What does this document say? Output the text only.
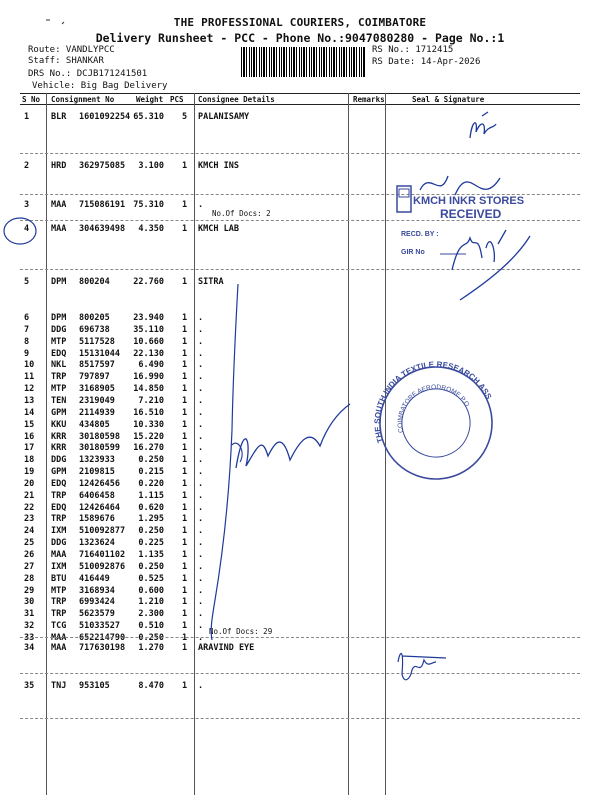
THE PROFESSIONAL COURIERS, COIMBATORE
Delivery Runsheet - PCC - Phone No.:9047080280 - Page No.:1
Route: VANDLYPCC
Staff: SHANKAR
DRS No.: DCJB171241501
Vehicle: Big Bag Delivery
RS No.: 1712415
RS Date: 14-Apr-2026
S No Consignment No	Weight PCS Consignee Details	Remarks	Seal & Signature
1	BLR 1601092254 65.310 5 PALANISAMY
2	HRD 362975085	3.100 1 KMCH INS
3	MAA 715086191 75.310 1 .
4	MAA 304639498	4.350 1 KMCH LAB
5	DPM 800204	22.760 1 SITRA
6	DPM 800205	23.940 1 .
7	DDG 696738	35.110 1 .
8	MTP 5117528 10.660 1 .
9	EDQ 15131044 22.130 1 .
10 NKL 8517597	6.490 1 .
11 TRP 797897	16.990 1 .
12 MTP 3168905 14.850 1 .
13 TEN 2319049	7.210 1 .
14 GPM 2114939 16.510 1 .
15 KKU 434805	10.330 1 .
16 KRR 30180598 15.220 1 .
17 KRR 30180599 16.270 1 .
18 DDG 1323933	0.250 1 .
19 GPM 2109815	0.215 1 .
20 EDQ 12426456	0.220 1 .
21 TRP 6406458	1.115 1 .
22 EDQ 12426464	0.620 1 .
23 TRP 1589676	1.295 1 .
24 IXM 510092877	0.250 1 .
25 DDG 1323624	0.225 1 .
26 MAA 716401102	1.135 1 .
27 IXM 510092876	0.250 1 .
28 BTU 416449	0.525 1 .
29 MTP 3168934	0.600 1 .
30 TRP 6993424	1.210 1 .
31 TRP 5623579	2.300 1 .
32 TCG 51033527	0.510 1 .
33 MAA 652214790	0.250 1 .
34 MAA 717630198	1.270 1 ARAVIND EYE
35 TNJ 953105	8.470 1 .
No.Of Docs: 2
No.Of Docs: 29
KMCH INKR STORES
RECEIVED
RECD. BY :
GIR No
THE SOUTH INDIA TEXTILE RESEARCH ASSOCIATION
COIMBATORE AERODROME P.O
